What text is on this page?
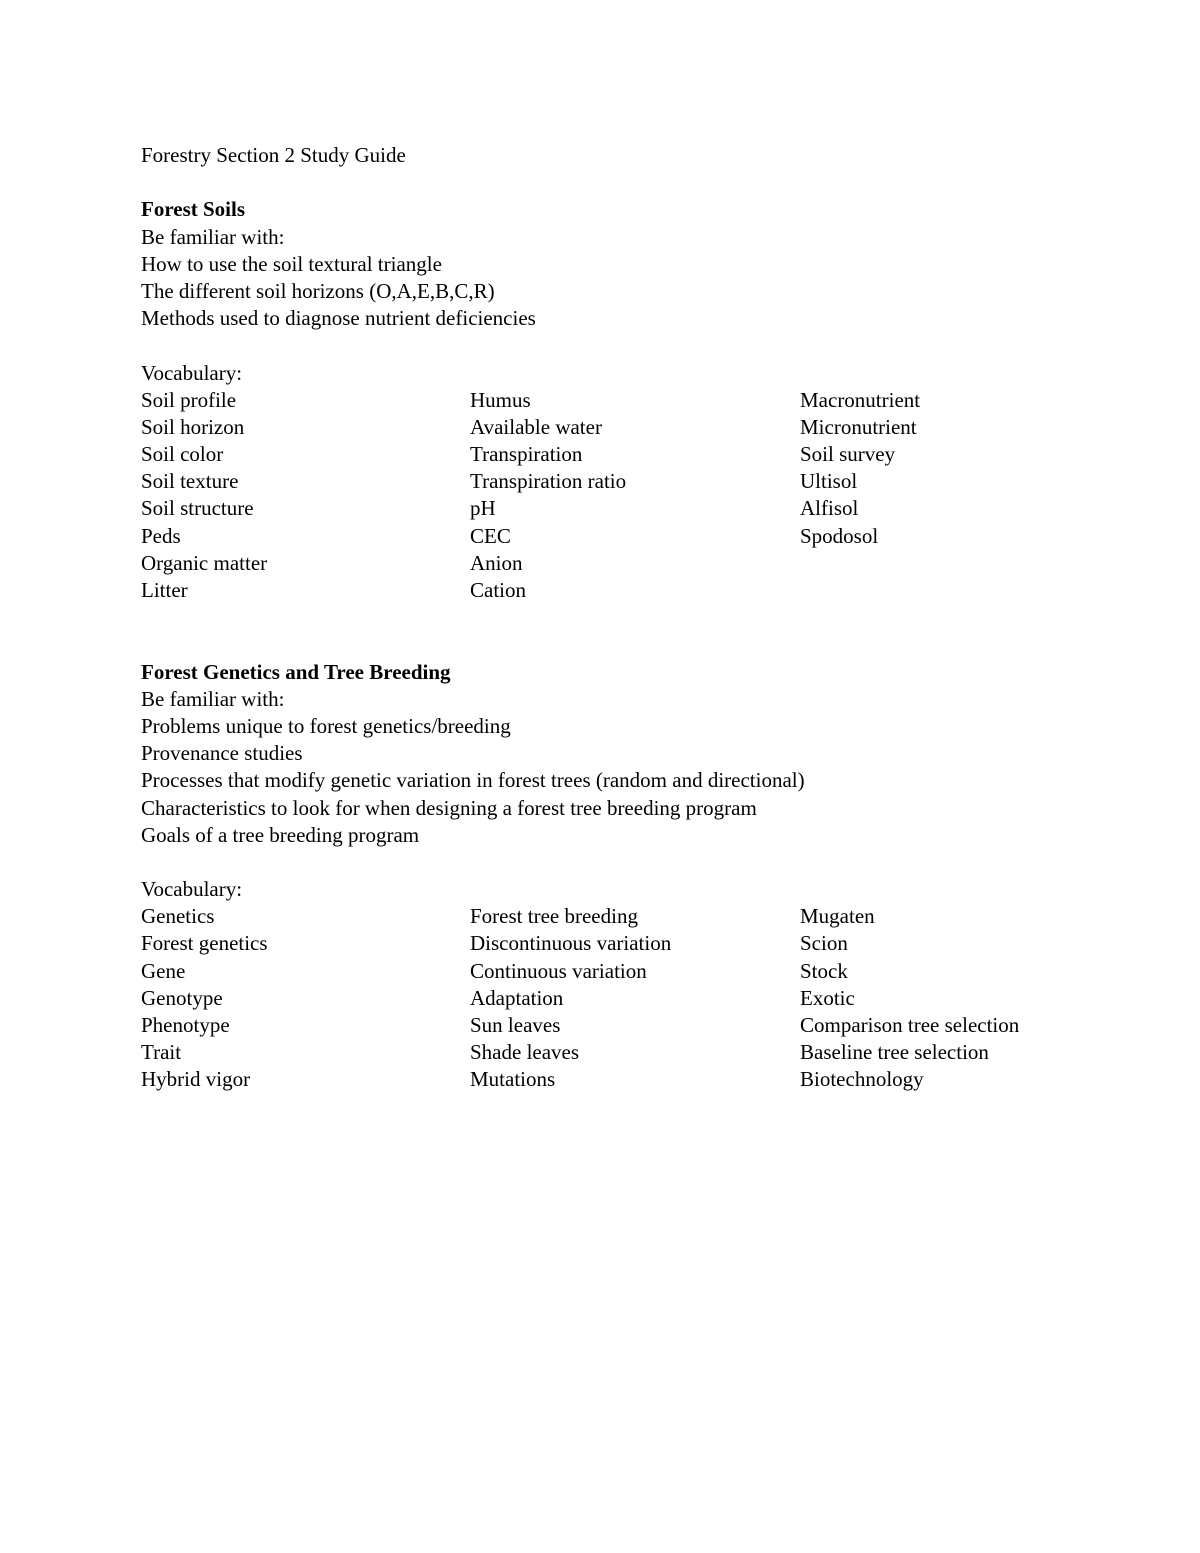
Forestry Section 2 Study Guide
Forest Soils
Be familiar with:
How to use the soil textural triangle
The different soil horizons (O,A,E,B,C,R)
Methods used to diagnose nutrient deficiencies
Vocabulary:
Soil profile	Humus	Macronutrient
Soil horizon	Available water	Micronutrient
Soil color	Transpiration	Soil survey
Soil texture	Transpiration ratio	Ultisol
Soil structure	pH	Alfisol
Peds	CEC	Spodosol
Organic matter	Anion
Litter	Cation
Forest Genetics and Tree Breeding
Be familiar with:
Problems unique to forest genetics/breeding
Provenance studies
Processes that modify genetic variation in forest trees (random and directional)
Characteristics to look for when designing a forest tree breeding program
Goals of a tree breeding program
Vocabulary:
Genetics	Forest tree breeding	Mugaten
Forest genetics	Discontinuous variation	Scion
Gene	Continuous variation	Stock
Genotype	Adaptation	Exotic
Phenotype	Sun leaves	Comparison tree selection
Trait	Shade leaves	Baseline tree selection
Hybrid vigor	Mutations	Biotechnology
